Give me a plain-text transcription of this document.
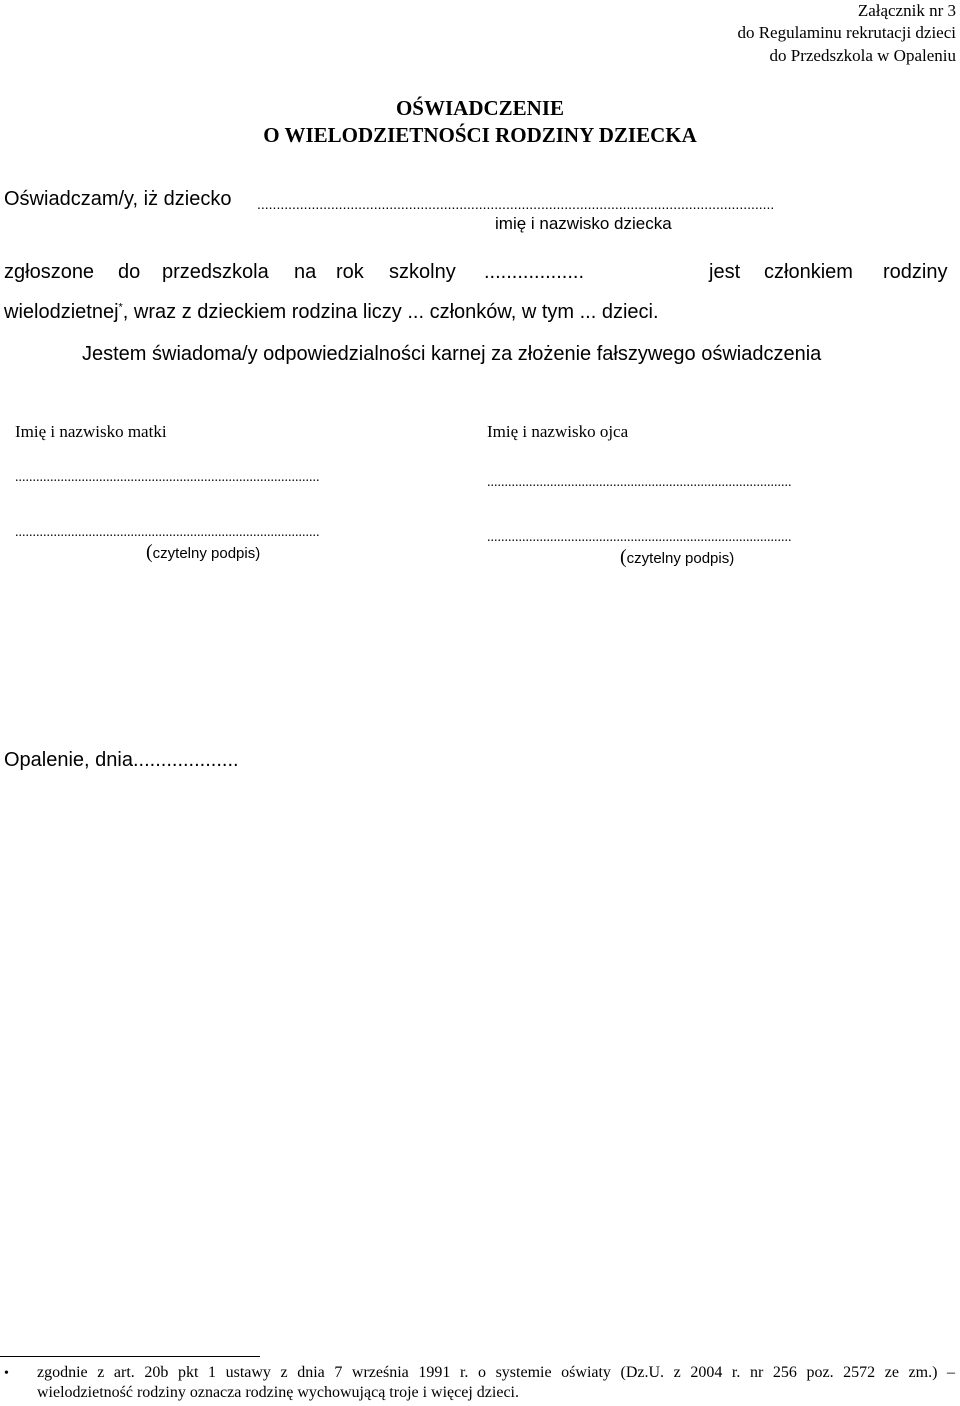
Załącznik nr 3
do Regulaminu rekrutacji dzieci
do Przedszkola w Opaleniu
OŚWIADCZENIE
O WIELODZIETNOŚCI RODZINY DZIECKA
Oświadczam/y, iż dziecko .....................................................................................................................................
imię i nazwisko dziecka
zgłoszone do przedszkola na rok szkolny ..................	jest członkiem rodziny
wielodzietnej*, wraz z dzieckiem rodzina liczy ... członków, w tym ... dzieci.
Jestem świadoma/y odpowiedzialności karnej za złożenie fałszywego oświadczenia
Imię i nazwisko matki	Imię i nazwisko ojca
.......................................................................................	.......................................................................................
.......................................................................................	.......................................................................................
(czytelny podpis)	(czytelny podpis)
Opalenie, dnia...................
• zgodnie z art. 20b pkt 1 ustawy z dnia 7 września 1991 r. o systemie oświaty (Dz.U. z 2004 r. nr 256 poz. 2572 ze zm.) –
wielodzietność rodziny oznacza rodzinę wychowującą troje i więcej dzieci.
